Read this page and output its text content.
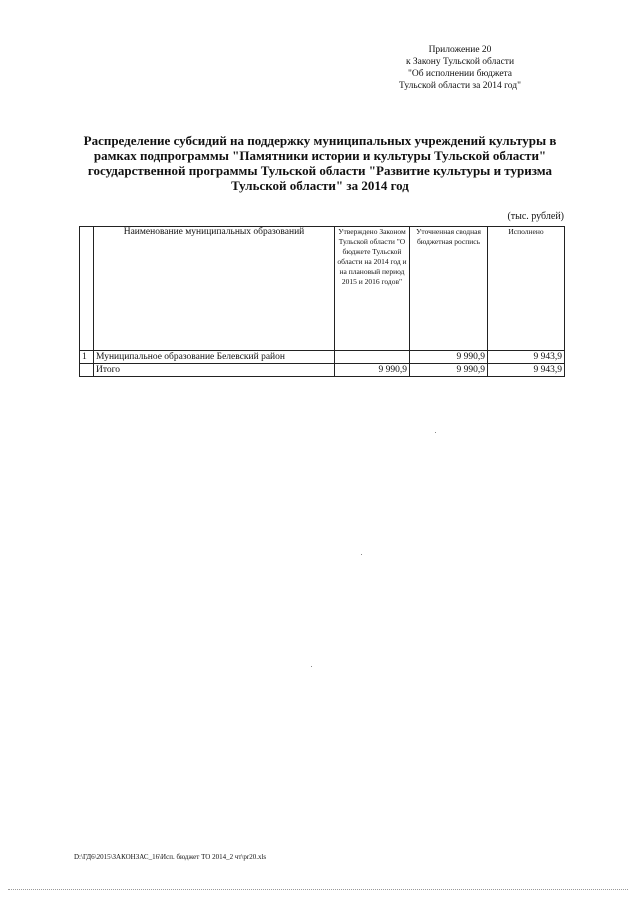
Приложение 20
к Закону Тульской области
"Об исполнении бюджета
Тульской области за 2014 год"
Распределение субсидий на поддержку муниципальных учреждений культуры в
рамках подпрограммы "Памятники истории и культуры Тульской области"
государственной программы Тульской области "Развитие культуры и туризма
Тульской области" за 2014 год
(тыс. рублей)
	Наименование муниципальных образований	Утверждено Законом Тульской области "О бюджете Тульской области на 2014 год и на плановый период 2015 и 2016 годов"	Уточненная сводная бюджетная роспись	Исполнено
1	Муниципальное образование Белевский район		9 990,9	9 943,9
	Итого	9 990,9	9 990,9	9 943,9
D:\ГД6\2015\ЗАКОНЗАС_16\Исп. бюджет ТО 2014_2 чт\pr20.xls
